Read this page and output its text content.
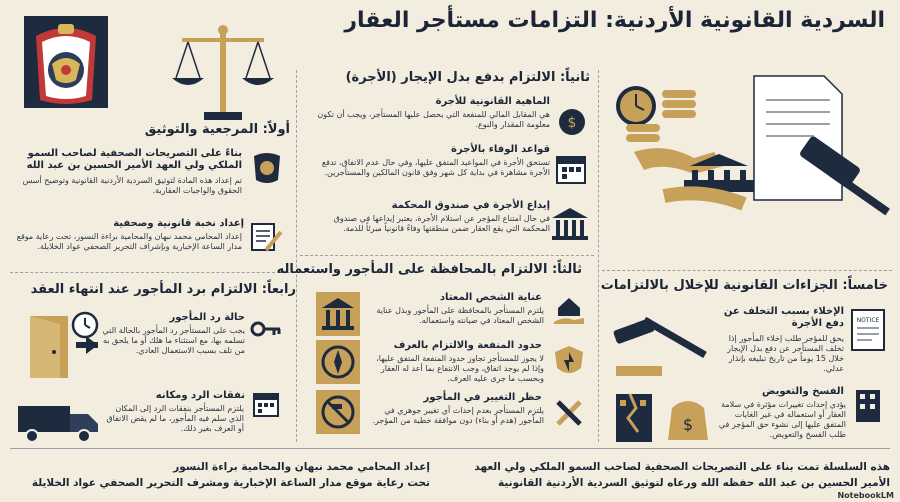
السردية القانونية الأردنية: التزامات مستأجر العقار
أولاً: المرجعية والتوثيق
بناءً على التصريحات الصحفية لصاحب السمو الملكي ولي العهد الأمير الحسين بن عبد الله
تم إعداد هذه المادة لتوثيق السردية الأردنية القانونية وتوضيح أسس الحقوق والواجبات العقارية.
إعداد نخبة قانونية وصحفية
إعداد المحامي محمد نبهان والمحامية براءة النسور، تحت رعاية موقع مدار الساعة الإخبارية وبإشراف التحرير الصحفي عواد الخلايلة.
رابعاً: الالتزام برد المأجور عند انتهاء العقد
حالة رد المأجور
يجب على المستأجر رد المأجور بالحالة التي تسلمه بها، مع استثناء ما هلك أو ما يلحق به من تلف بسبب الاستعمال العادي.
نفقات الرد ومكانه
يلتزم المستأجر بنفقات الرد إلى المكان الذي سلم فيه المأجور، ما لم يقض الاتفاق أو العرف بغير ذلك.
ثانياً: الالتزام بدفع بدل الإيجار (الأجرة)
الماهية القانونية للأجرة
هي المقابل المالي للمنفعة التي يحصل عليها المستأجر، ويجب أن تكون معلومة المقدار والنوع. $
قواعد الوفاء بالأجرة
تستحق الأجرة في المواعيد المتفق عليها، وفي حال عدم الاتفاق، تدفع الأجرة مشاهرة في بداية كل شهر وفق قانون المالكين والمستأجرين.
إيداع الأجرة في صندوق المحكمة
في حال امتناع المؤجر عن استلام الأجرة، يعتبر إيداعها في صندوق المحكمة التي يقع العقار ضمن منطقتها وفاءً قانونياً مبرئاً للذمة.
ثالثاً: الالتزام بالمحافظة على المأجور واستعماله
عناية الشخص المعتاد
يلتزم المستأجر بالمحافظة على المأجور وبذل عناية الشخص المعتاد في صيانته واستعماله.
حدود المنفعة والالتزام بالعرف
لا يجوز للمستأجر تجاوز حدود المنفعة المتفق عليها، وإذا لم يوجد اتفاق، وجب الانتفاع بما أعد له العقار وبحسب ما جرى عليه العرف.
حظر التغيير في المأجور
يلتزم المستأجر بعدم إحداث أي تغيير جوهري في المأجور (هدم أو بناء) دون موافقة خطية من المؤجر.
خامساً: الجزاءات القانونية للإخلال بالالتزامات
NOTICE
الإخلاء بسبب التخلف عن دفع الأجرة
يحق للمؤجر طلب إخلاء المأجور إذا تخلف المستأجر عن دفع بدل الإيجار خلال 15 يوماً من تاريخ تبليغه بإنذار عدلي.
$
الفسخ والتعويض
يؤدي إحداث تغييرات مؤثرة في سلامة العقار أو استعماله في غير الغايات المتفق عليها إلى نشوء حق المؤجر في طلب الفسخ والتعويض.
هذه السلسلة تمت بناء على التصريحات الصحفية لصاحب السمو الملكي ولي العهد
الأمير الحسين بن عبد الله حفظه الله ورعاه لتوثيق السردية الأردنية القانونية
إعداد المحامي محمد نبهان والمحامية براءة النسور
تحت رعاية موقع مدار الساعة الإخبارية ومشرف التحرير الصحفي عواد الخلايلة
NotebookLM
